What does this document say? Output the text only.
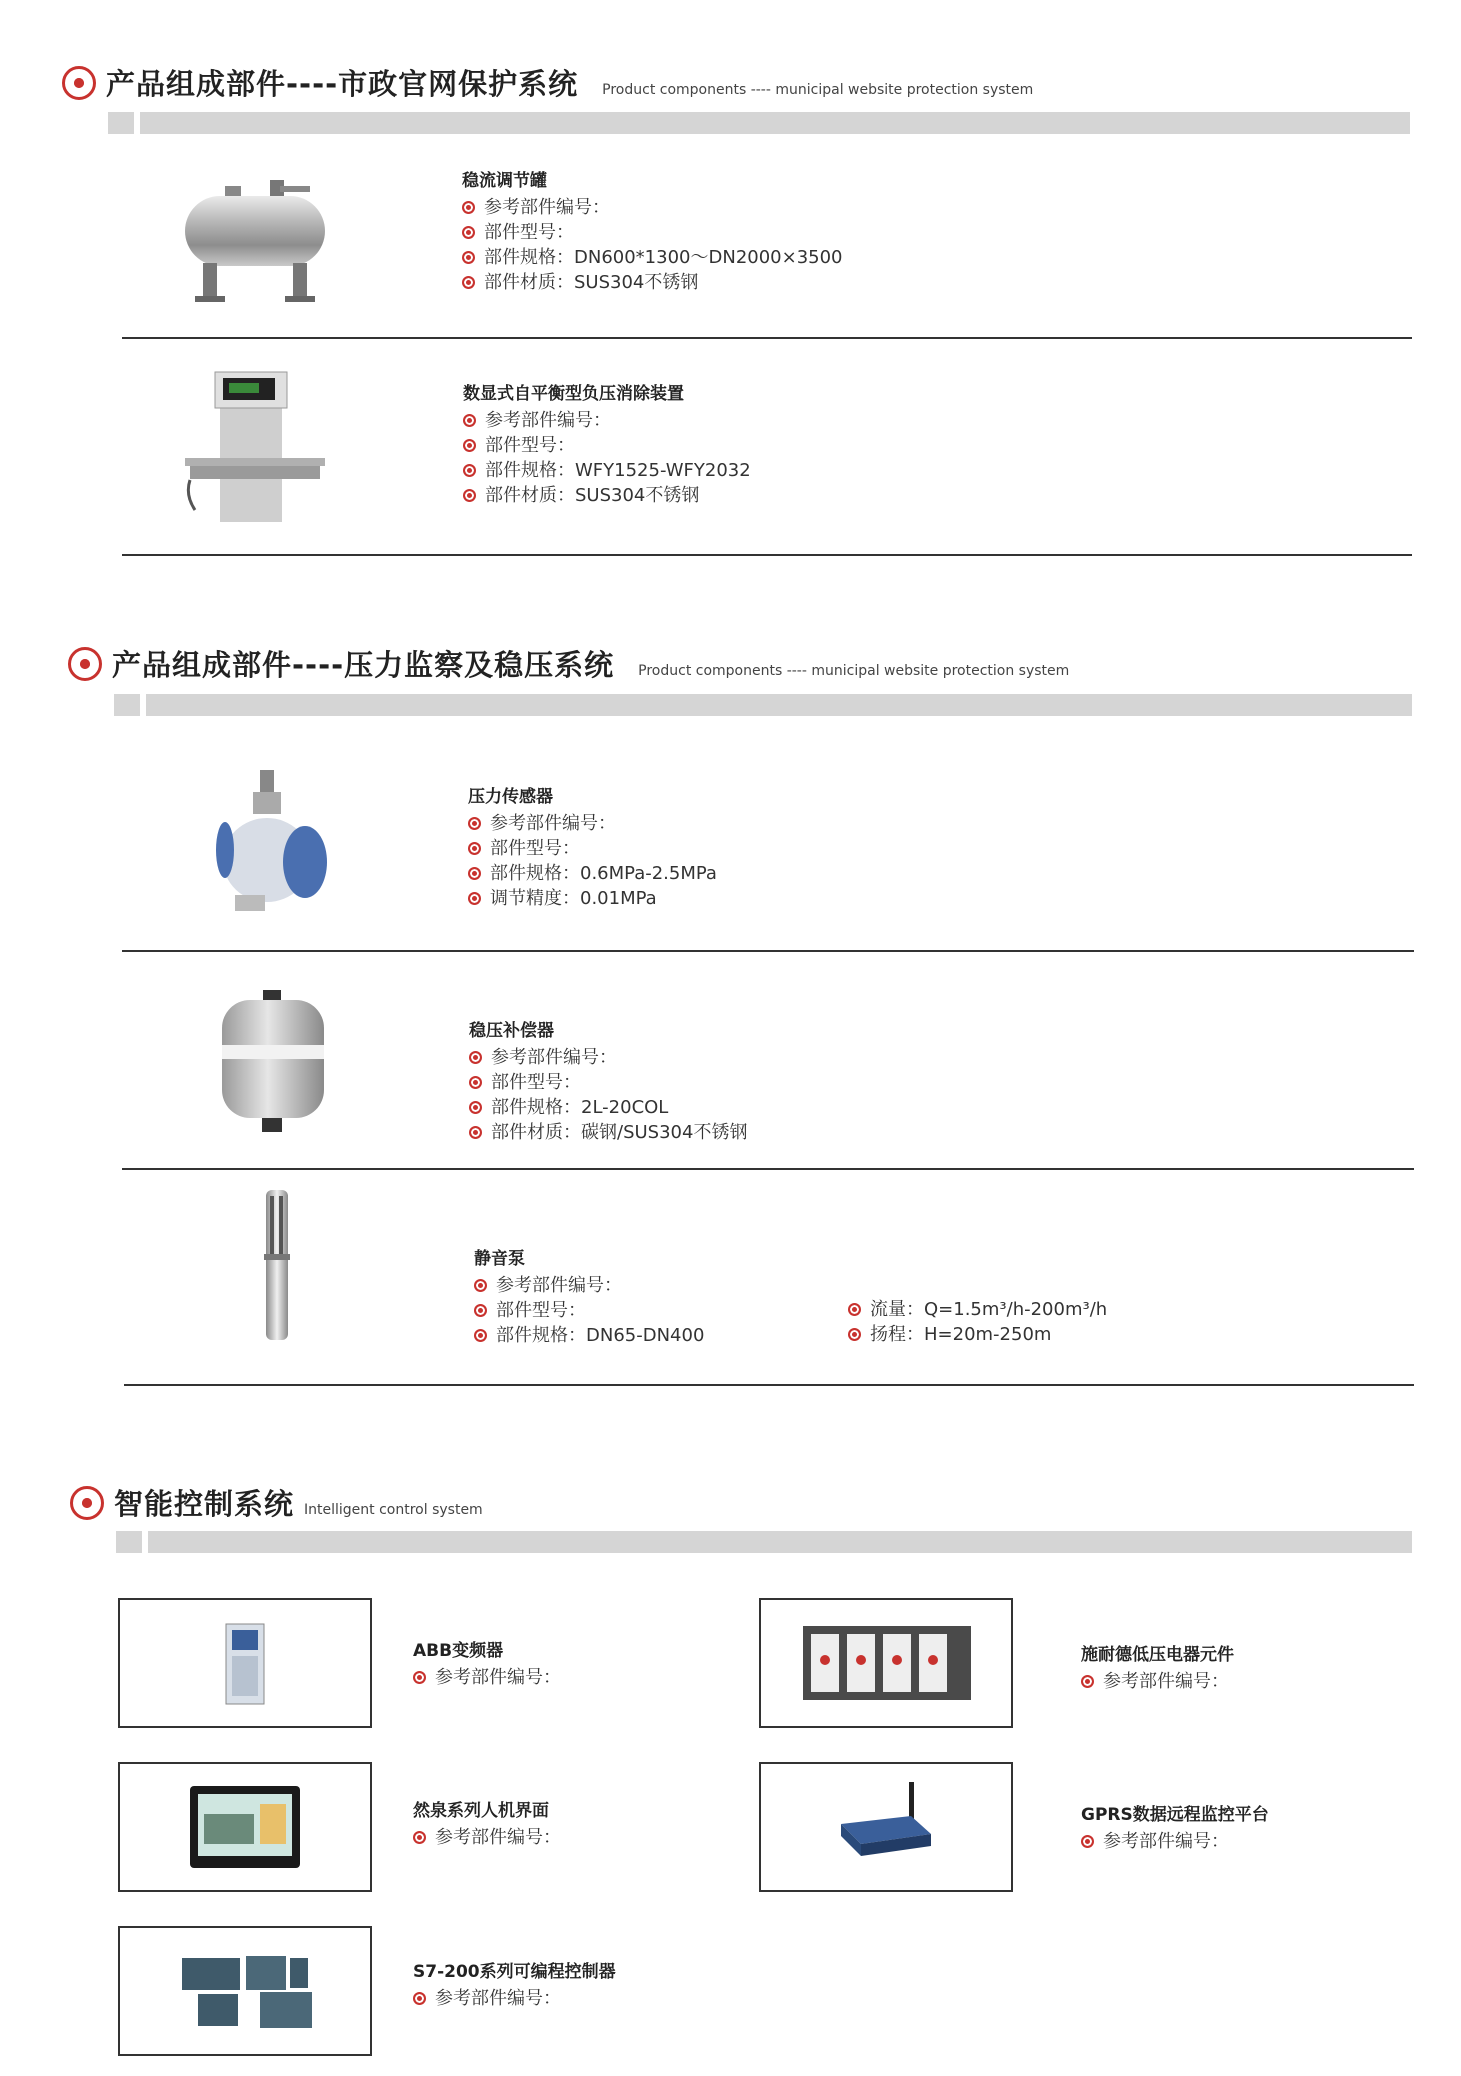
产品组成部件----市政官网保护系统 Product components ---- municipal website protection system
稳流调节罐
参考部件编号：
部件型号：
部件规格：DN600*1300～DN2000×3500
部件材质：SUS304不锈钢
数显式自平衡型负压消除装置
参考部件编号：
部件型号：
部件规格：WFY1525-WFY2032
部件材质：SUS304不锈钢
产品组成部件----压力监察及稳压系统 Product components ---- municipal website protection system
压力传感器
参考部件编号：
部件型号：
部件规格：0.6MPa-2.5MPa
调节精度：0.01MPa
稳压补偿器
参考部件编号：
部件型号：
部件规格：2L-20COL
部件材质：碳钢/SUS304不锈钢
静音泵
参考部件编号：
部件型号：
部件规格：DN65-DN400
流量：Q=1.5m³/h-200m³/h
扬程：H=20m-250m
智能控制系统 Intelligent control system
ABB变频器
参考部件编号：
施耐德低压电器元件
参考部件编号：
然泉系列人机界面
参考部件编号：
GPRS数据远程监控平台
参考部件编号：
S7-200系列可编程控制器
参考部件编号：
